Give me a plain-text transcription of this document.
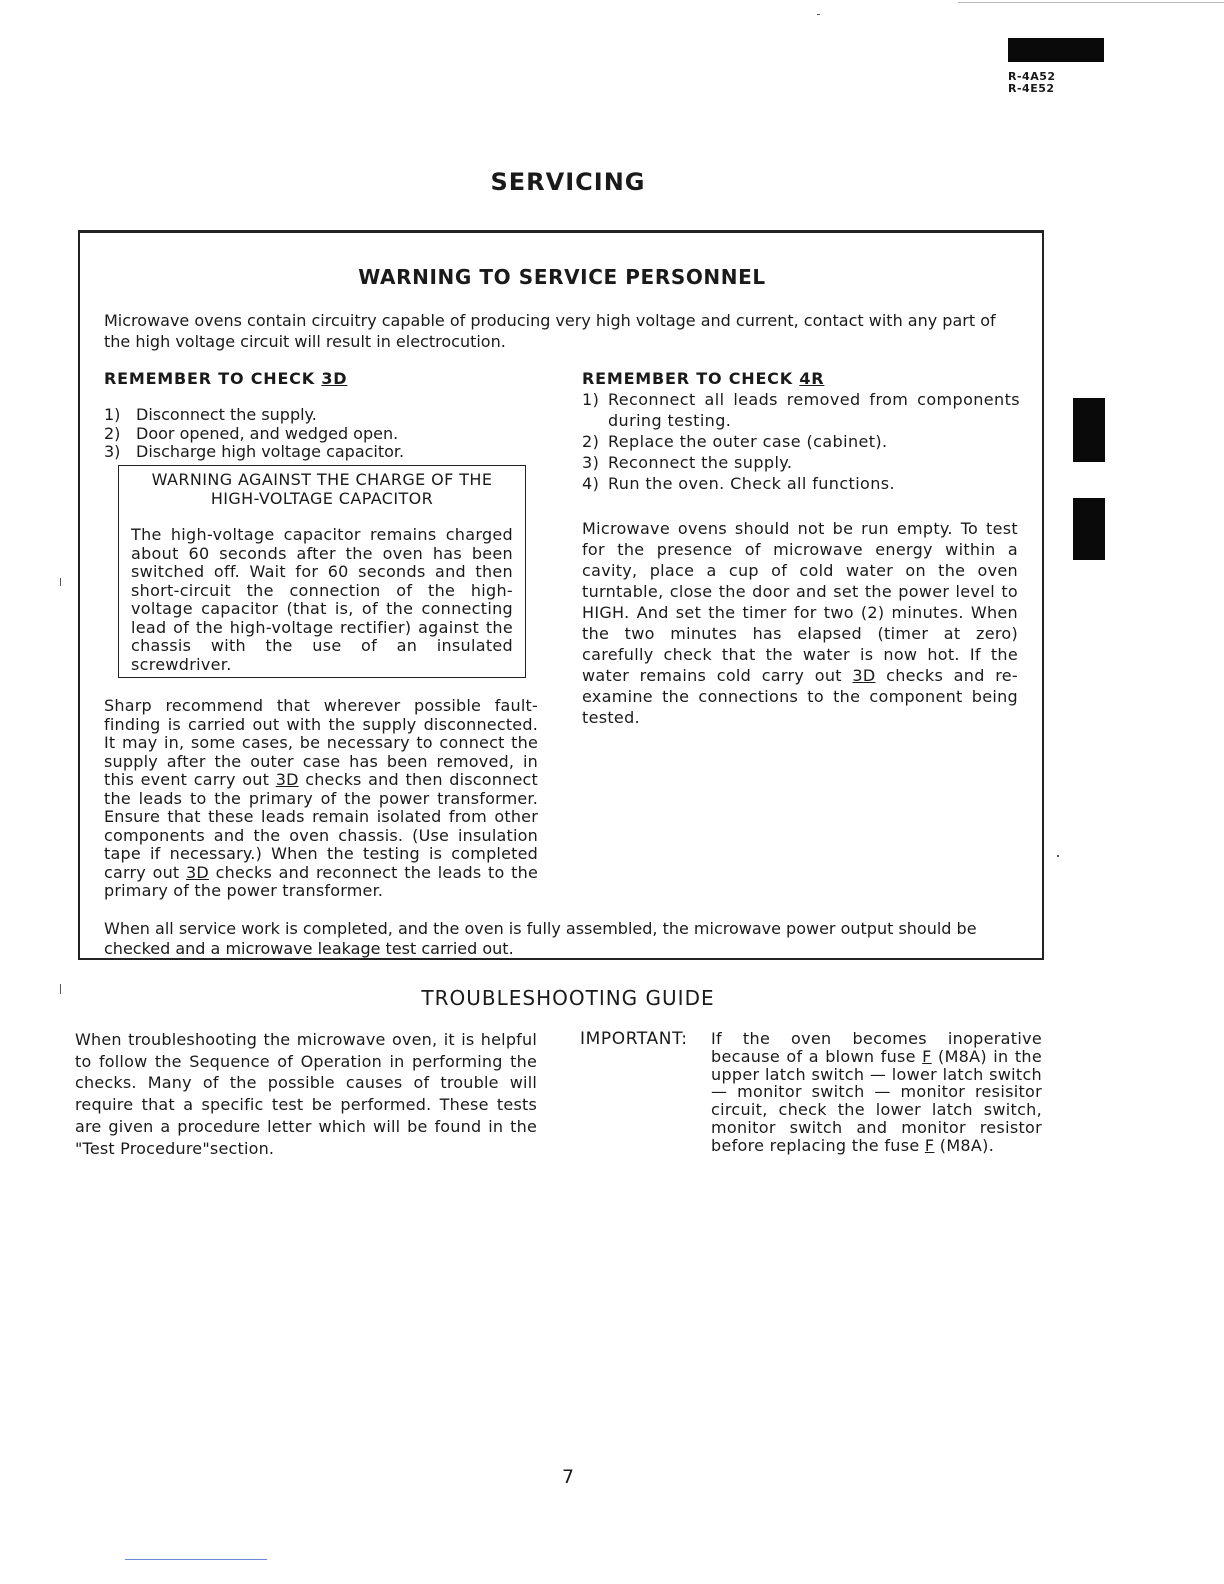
R-4A52
R-4E52
SERVICING
WARNING TO SERVICE PERSONNEL
Microwave ovens contain circuitry capable of producing very high voltage and current, contact with any part of the high voltage circuit will result in electrocution.
REMEMBER TO CHECK 3D
1) Disconnect the supply.
2) Door opened, and wedged open.
3) Discharge high voltage capacitor.
WARNING AGAINST THE CHARGE OF THE
HIGH-VOLTAGE CAPACITOR
The high-voltage capacitor remains charged about 60 seconds after the oven has been switched off. Wait for 60 seconds and then short-circuit the connection of the high-voltage capacitor (that is, of the connecting lead of the high-voltage rectifier) against the chassis with the use of an insulated screwdriver.
Sharp recommend that wherever possible fault-finding is carried out with the supply disconnected. It may in, some cases, be necessary to connect the supply after the outer case has been removed, in this event carry out 3D checks and then disconnect the leads to the primary of the power transformer. Ensure that these leads remain isolated from other components and the oven chassis. (Use insulation tape if necessary.) When the testing is completed carry out 3D checks and reconnect the leads to the primary of the power transformer.
REMEMBER TO CHECK 4R
1) Reconnect all leads removed from components during testing.
2) Replace the outer case (cabinet).
3) Reconnect the supply.
4) Run the oven. Check all functions.
Microwave ovens should not be run empty. To test for the presence of microwave energy within a cavity, place a cup of cold water on the oven turntable, close the door and set the power level to HIGH. And set the timer for two (2) minutes. When the two minutes has elapsed (timer at zero) carefully check that the water is now hot. If the water remains cold carry out 3D checks and re-examine the connections to the component being tested.
When all service work is completed, and the oven is fully assembled, the microwave power output should be checked and a microwave leakage test carried out.
TROUBLESHOOTING GUIDE
When troubleshooting the microwave oven, it is helpful to follow the Sequence of Operation in performing the checks. Many of the possible causes of trouble will require that a specific test be performed. These tests are given a procedure letter which will be found in the "Test Procedure"section.
IMPORTANT: If the oven becomes inoperative because of a blown fuse F (M8A) in the upper latch switch — lower latch switch — monitor switch — monitor resisitor circuit, check the lower latch switch, monitor switch and monitor resistor before replacing the fuse F (M8A).
7
